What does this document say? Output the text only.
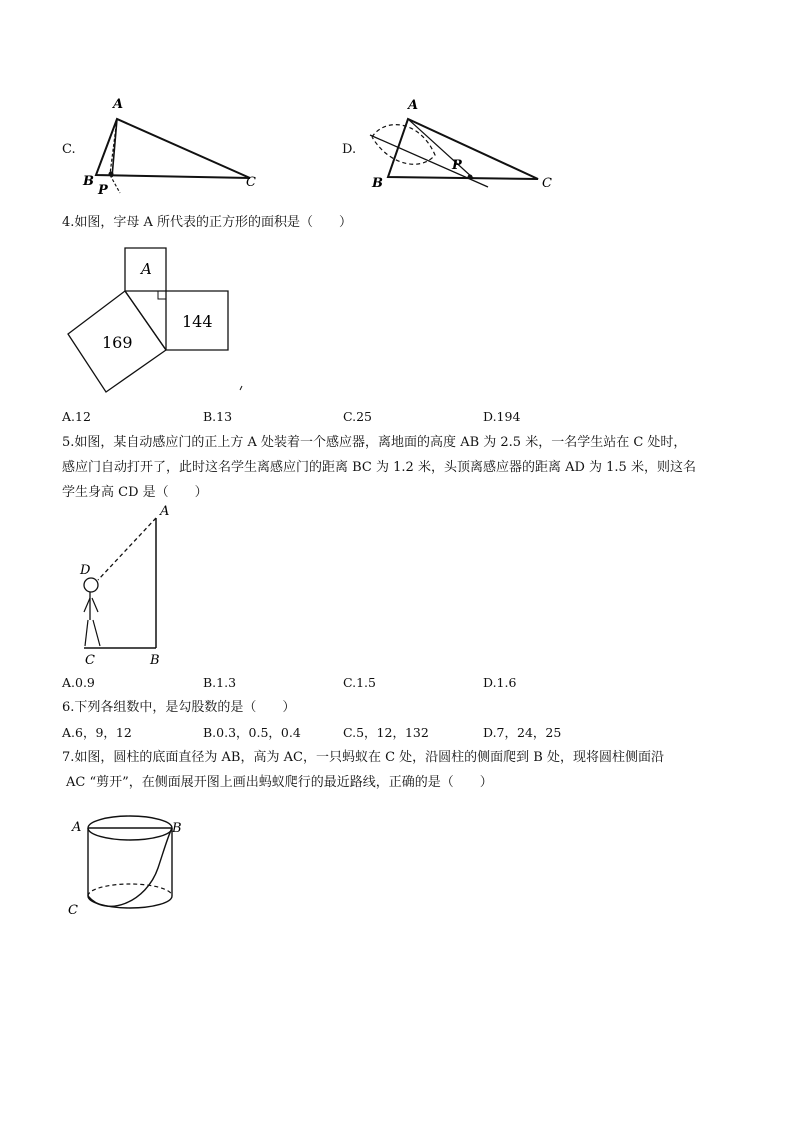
C.
A
B
P
C
D.
A
B
P
C
4.如图，字母 A 所代表的正方形的面积是（　　）
A
169
144
A.12	B.13	C.25	D.194
5.如图，某自动感应门的正上方 A 处装着一个感应器，离地面的高度 AB 为 2.5 米，一名学生站在 C 处时，
感应门自动打开了，此时这名学生离感应门的距离 BC 为 1.2 米，头顶离感应器的距离 AD 为 1.5 米，则这名
学生身高 CD 是（　　）
A
D
C	B
A.0.9	B.1.3	C.1.5	D.1.6
6.下列各组数中，是勾股数的是（　　）
A.6，9，12	B.0.3，0.5，0.4	C.5，12，132	D.7，24，25
7.如图，圆柱的底面直径为 AB，高为 AC，一只蚂蚁在 C 处，沿圆柱的侧面爬到 B 处，现将圆柱侧面沿
AC “剪开”，在侧面展开图上画出蚂蚁爬行的最近路线，正确的是（　　）
A	B
C
